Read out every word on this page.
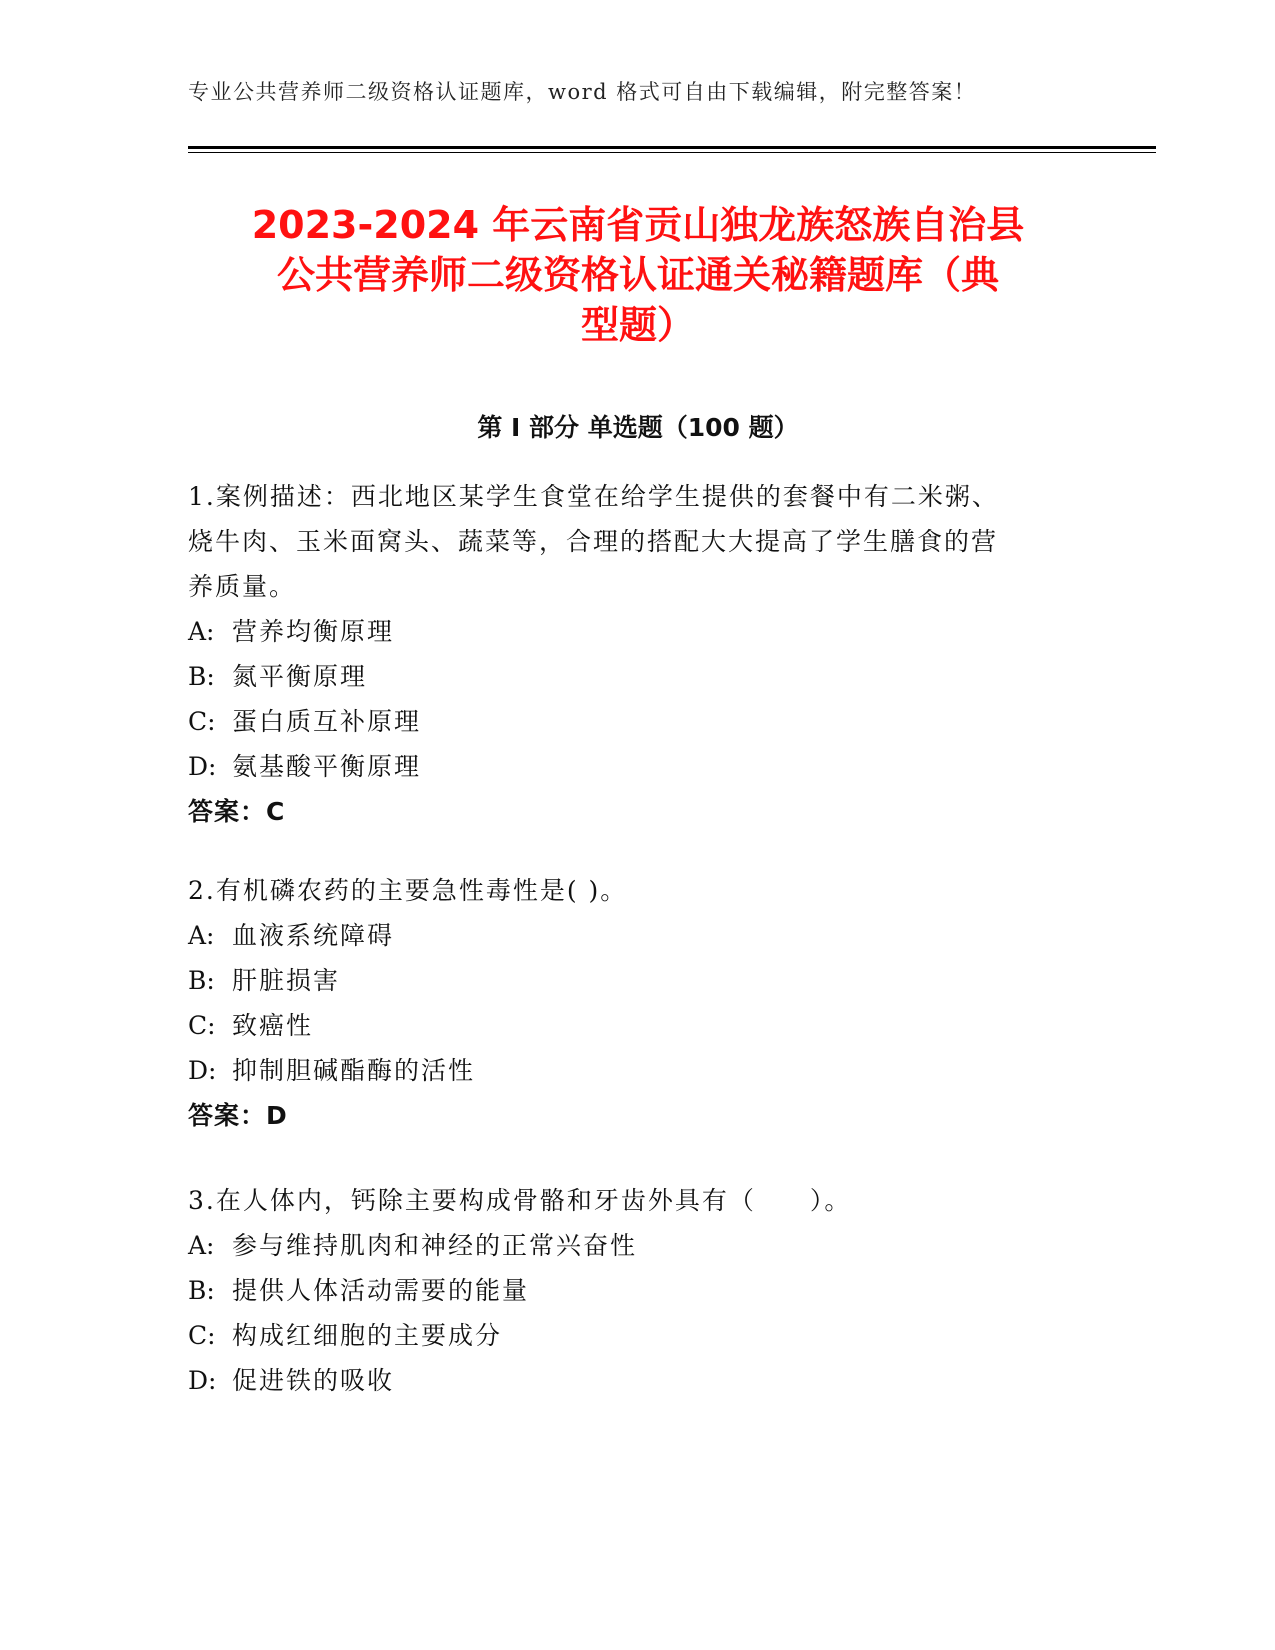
专业公共营养师二级资格认证题库，word 格式可自由下载编辑，附完整答案！
2023-2024 年云南省贡山独龙族怒族自治县
公共营养师二级资格认证通关秘籍题库（典
型题）
第 I 部分 单选题（100 题）
1.案例描述：西北地区某学生食堂在给学生提供的套餐中有二米粥、
烧牛肉、玉米面窝头、蔬菜等，合理的搭配大大提高了学生膳食的营
养质量。
A: 营养均衡原理
B: 氮平衡原理
C: 蛋白质互补原理
D: 氨基酸平衡原理
答案：C
2.有机磷农药的主要急性毒性是( )。
A: 血液系统障碍
B: 肝脏损害
C: 致癌性
D: 抑制胆碱酯酶的活性
答案：D
3.在人体内，钙除主要构成骨骼和牙齿外具有（　　）。
A: 参与维持肌肉和神经的正常兴奋性
B: 提供人体活动需要的能量
C: 构成红细胞的主要成分
D: 促进铁的吸收
